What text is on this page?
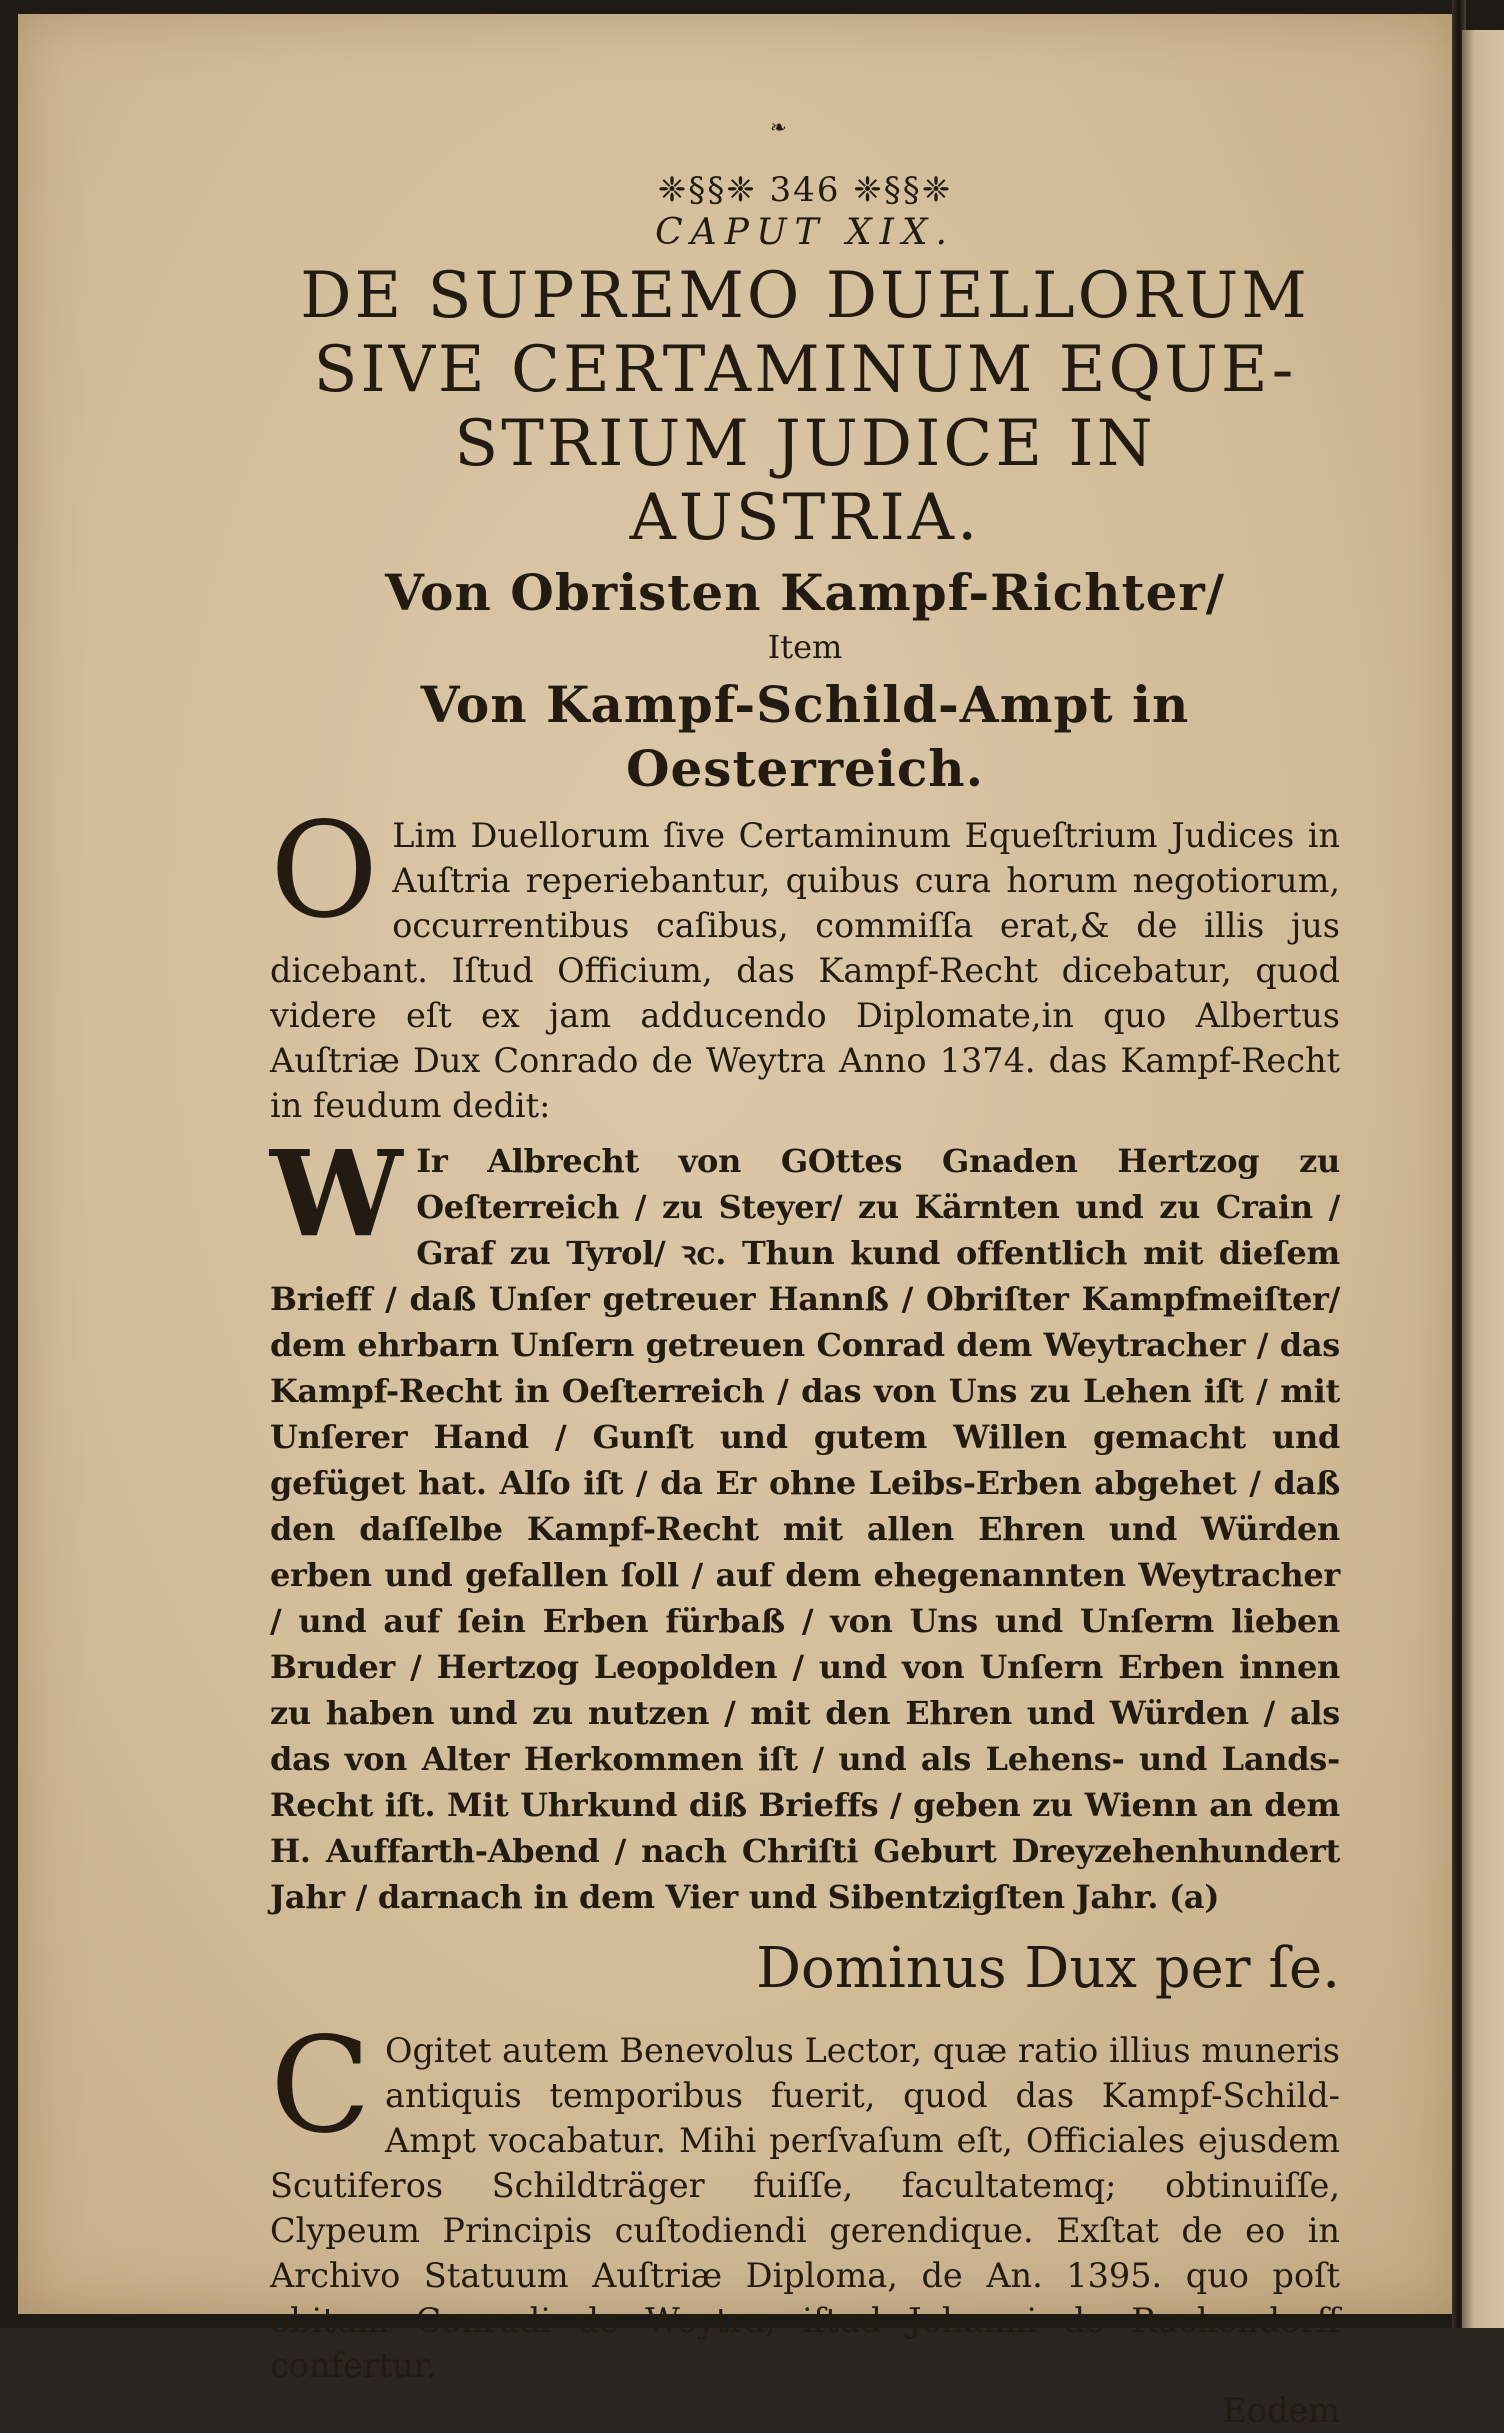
❧

❈§§❈ 346 ❈§§❈

CAPUT XIX.

DE SUPREMO DUELLORUM
SIVE CERTAMINUM EQUE-
STRIUM JUDICE IN
AUSTRIA.

Von Obristen Kampf-Richter/

Item

Von Kampf-Schild-Ampt in Oesterreich.

O Lim Duellorum ſive Certaminum Equeſtrium Judices in Auſtria reperiebantur, quibus cura horum negotiorum, occurrentibus caſibus, commiſſa erat,& de illis jus dicebant. Iſtud Officium, das Kampf-Recht dicebatur, quod videre eſt ex jam adducendo Diplomate,in quo Albertus Auſtriæ Dux Conrado de Weytra Anno 1374. das Kampf-Recht in feudum dedit:

W Ir Albrecht von GOttes Gnaden Hertzog zu Oeſterreich / zu Steyer/ zu Kärnten und zu Crain / Graf zu Tyrol/ ꝛc. Thun kund offentlich mit dieſem Brieff / daß Unſer getreuer Hannß / Obriſter Kampfmeiſter/ dem ehrbarn Unſern getreuen Conrad dem Weytracher / das Kampf-Recht in Oeſterreich / das von Uns zu Lehen iſt / mit Unſerer Hand / Gunſt und gutem Willen gemacht und gefüget hat. Alſo iſt / da Er ohne Leibs-Erben abgehet / daß den daſſelbe Kampf-Recht mit allen Ehren und Würden erben und gefallen ſoll / auf dem ehegenannten Weytracher / und auf ſein Erben fürbaß / von Uns und Unſerm lieben Bruder / Hertzog Leopolden / und von Unſern Erben innen zu haben und zu nutzen / mit den Ehren und Würden / als das von Alter Herkommen iſt / und als Lehens- und Lands-Recht iſt. Mit Uhrkund diß Brieffs / geben zu Wienn an dem H. Auffarth-Abend / nach Chriſti Geburt Dreyzehenhundert Jahr / darnach in dem Vier und Sibentzigſten Jahr. (a)

Dominus Dux per ſe.

C Ogitet autem Benevolus Lector, quæ ratio illius muneris antiquis temporibus fuerit, quod das Kampf-Schild-Ampt vocabatur. Mihi perſvaſum eſt, Officiales ejusdem Scutiferos Schildträger fuiſſe, facultatemq; obtinuiſſe, Clypeum Principis cuſtodiendi gerendique. Exſtat de eo in Archivo Statuum Auſtriæ Diploma, de An. 1395. quo poſt obitum Conradi de Weytra, iſtud Johanni de Ruckendorff confertur.

Eodem
